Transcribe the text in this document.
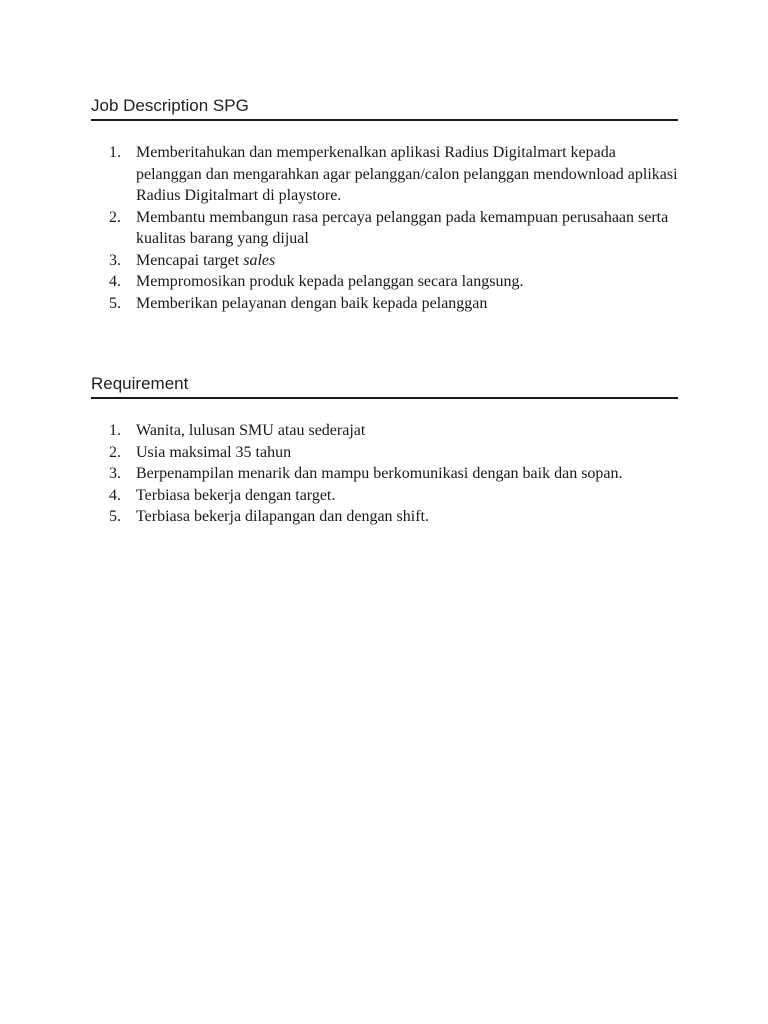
Job Description SPG
1. Memberitahukan dan memperkenalkan aplikasi Radius Digitalmart kepada pelanggan dan mengarahkan agar pelanggan/calon pelanggan mendownload aplikasi Radius Digitalmart di playstore.
2. Membantu membangun rasa percaya pelanggan pada kemampuan perusahaan serta kualitas barang yang dijual
3. Mencapai target sales
4. Mempromosikan produk kepada pelanggan secara langsung.
5. Memberikan pelayanan dengan baik kepada pelanggan
Requirement
1. Wanita, lulusan SMU atau sederajat
2. Usia maksimal 35 tahun
3. Berpenampilan menarik dan mampu berkomunikasi dengan baik dan sopan.
4. Terbiasa bekerja dengan target.
5. Terbiasa bekerja dilapangan dan dengan shift.
